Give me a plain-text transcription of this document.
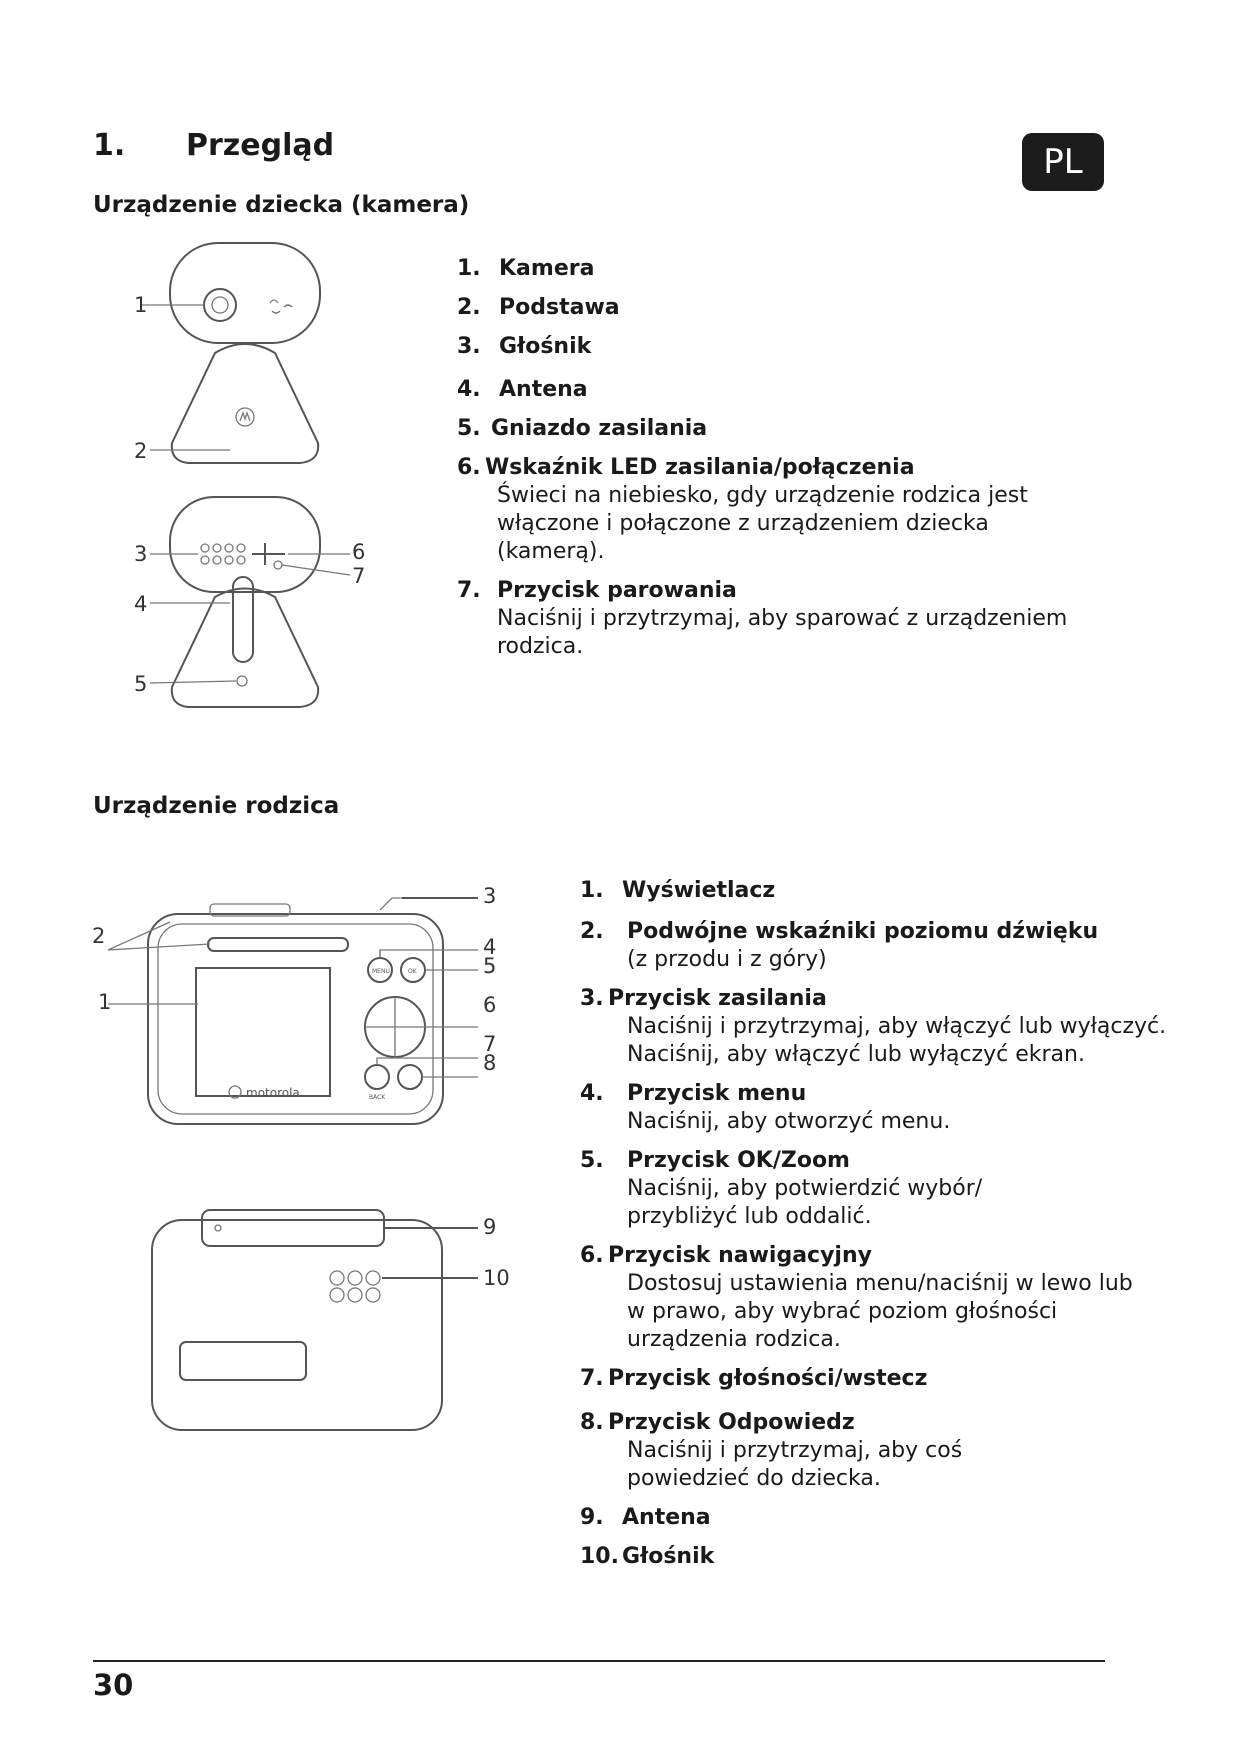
1. Przegląd	PL
Urządzenie dziecka (kamera)
1
2
3
4
5
6
7
1. Kamera
2. Podstawa
3. Głośnik
4. Antena
5. Gniazdo zasilania
6. Wskaźnik LED zasilania/połączenia
Świeci na niebiesko, gdy urządzenie rodzica jest włączone i połączone z urządzeniem dziecka (kamerą).
7. Przycisk parowania
Naciśnij i przytrzymaj, aby sparować z urządzeniem rodzica.
Urządzenie rodzica
motorola
MENU	OK
BACK
2
1
3
4
5
6
7
8
9
10
1. Wyświetlacz
2. Podwójne wskaźniki poziomu dźwięku
(z przodu i z góry)
3. Przycisk zasilania
Naciśnij i przytrzymaj, aby włączyć lub wyłączyć.
Naciśnij, aby włączyć lub wyłączyć ekran.
4. Przycisk menu
Naciśnij, aby otworzyć menu.
5. Przycisk OK/Zoom
Naciśnij, aby potwierdzić wybór/ przybliżyć lub oddalić.
6. Przycisk nawigacyjny
Dostosuj ustawienia menu/naciśnij w lewo lub w prawo, aby wybrać poziom głośności urządzenia rodzica.
7. Przycisk głośności/wstecz
8. Przycisk Odpowiedz
Naciśnij i przytrzymaj, aby coś powiedzieć do dziecka.
9. Antena
10. Głośnik
30
